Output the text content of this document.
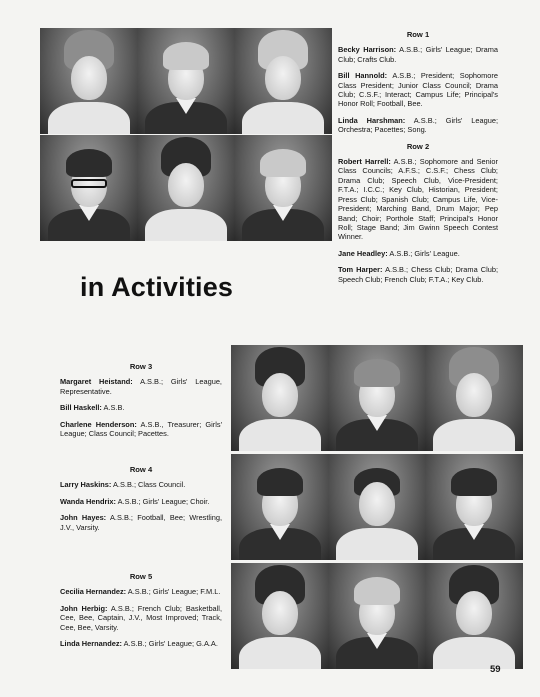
Row 1
Becky Harrison: A.S.B.; Girls' League; Drama Club; Crafts Club.
Bill Hannold: A.S.B.; President; Sophomore Class President; Junior Class Council; Drama Club; C.S.F.; Interact; Campus Life; Principal's Honor Roll; Football, Bee.
Linda Harshman: A.S.B.; Girls' League; Orchestra; Pacettes; Song.
Row 2
Robert Harrell: A.S.B.; Sophomore and Senior Class Councils; A.F.S.; C.S.F.; Chess Club; Drama Club; Speech Club, Vice-President; F.T.A.; I.C.C.; Key Club, Historian, President; Press Club; Spanish Club; Campus Life, Vice-President; Marching Band, Drum Major; Pep Band; Choir; Porthole Staff; Principal's Honor Roll; Stage Band; Jim Gwinn Speech Contest Winner.
Jane Headley: A.S.B.; Girls' League.
Tom Harper: A.S.B.; Chess Club; Drama Club; Speech Club; French Club; F.T.A.; Key Club.
in Activities
Row 3
Margaret Heistand: A.S.B.; Girls' League, Representative.
Bill Haskell: A.S.B.
Charlene Henderson: A.S.B., Treasurer; Girls' League; Class Council; Pacettes.
Row 4
Larry Haskins: A.S.B.; Class Council.
Wanda Hendrix: A.S.B.; Girls' League; Choir.
John Hayes: A.S.B.; Football, Bee; Wrestling, J.V., Varsity.
Row 5
Cecilia Hernandez: A.S.B.; Girls' League; F.M.L.
John Herbig: A.S.B.; French Club; Basketball, Cee, Bee, Captain, J.V., Most Improved; Track, Cee, Bee, Varsity.
Linda Hernandez: A.S.B.; Girls' League; G.A.A.
59
